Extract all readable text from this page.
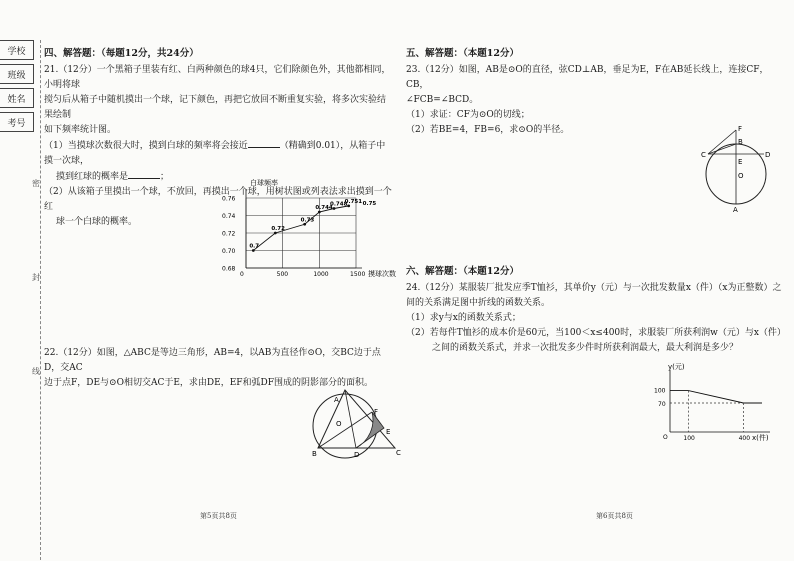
学 校
班 级
姓 名
考 号
密
封
线
四、解答题：（每题12分，共24分）

21.（12分）一个黑箱子里装有红、白两种颜色的球4只，它们除颜色外，其他都相同，小明将球

搅匀后从箱子中随机摸出一个球，记下颜色，再把它放回不断重复实验，将多次实验结果绘制

如下频率统计图。

（1）当摸球次数很大时，摸到白球的频率将会接近	（精确到0.01），从箱子中摸一次球，

摸到红球的概率是	；

（2）从该箱子里摸出一个球，不放回，再摸出一个球，用树状图或列表法求出摸到一个红

球一个白球的概率。

白球频率
摸球次数
0.68
0.70
0.72
0.74
0.76
0	500	1000	1500
0.7
0.72
0.73
0.744
0.748
0.751 0.75

22.（12分）如图，△ABC是等边三角形，AB=4，以AB为直径作⊙O，交BC边于点D，交AC

边于点F，DE与⊙O相切交AC于E，求由DE，EF和弧DF围成的阴影部分的面积。

A
O
F
E
B	D	C
第5页共8页
五、解答题：（本题12分）

23.（12分）如图，AB是⊙O的直径，弦CD⊥AB，垂足为E，F在AB延长线上，连接CF，CB，

∠FCB=∠BCD。

（1）求证：CF为⊙O的切线；

（2）若BE=4，FB=6，求⊙O的半径。	F
B
C
E
D
O
A
六、解答题：（本题12分）

24.（12分）某服装厂批发应季T恤衫，其单价y（元）与一次批发数量x（件）（x为正整数）之

间的关系满足图中折线的函数关系。

（1）求y与x的函数关系式；

（2）若每件T恤衫的成本价是60元，当100＜x≤400时，求服装厂所获利润w（元）与x（件）

之间的函数关系式，并求一次批发多少件时所获利润最大，最大利润是多少？

y(元)
x(件)
100
70
O	100	400
第6页共8页
